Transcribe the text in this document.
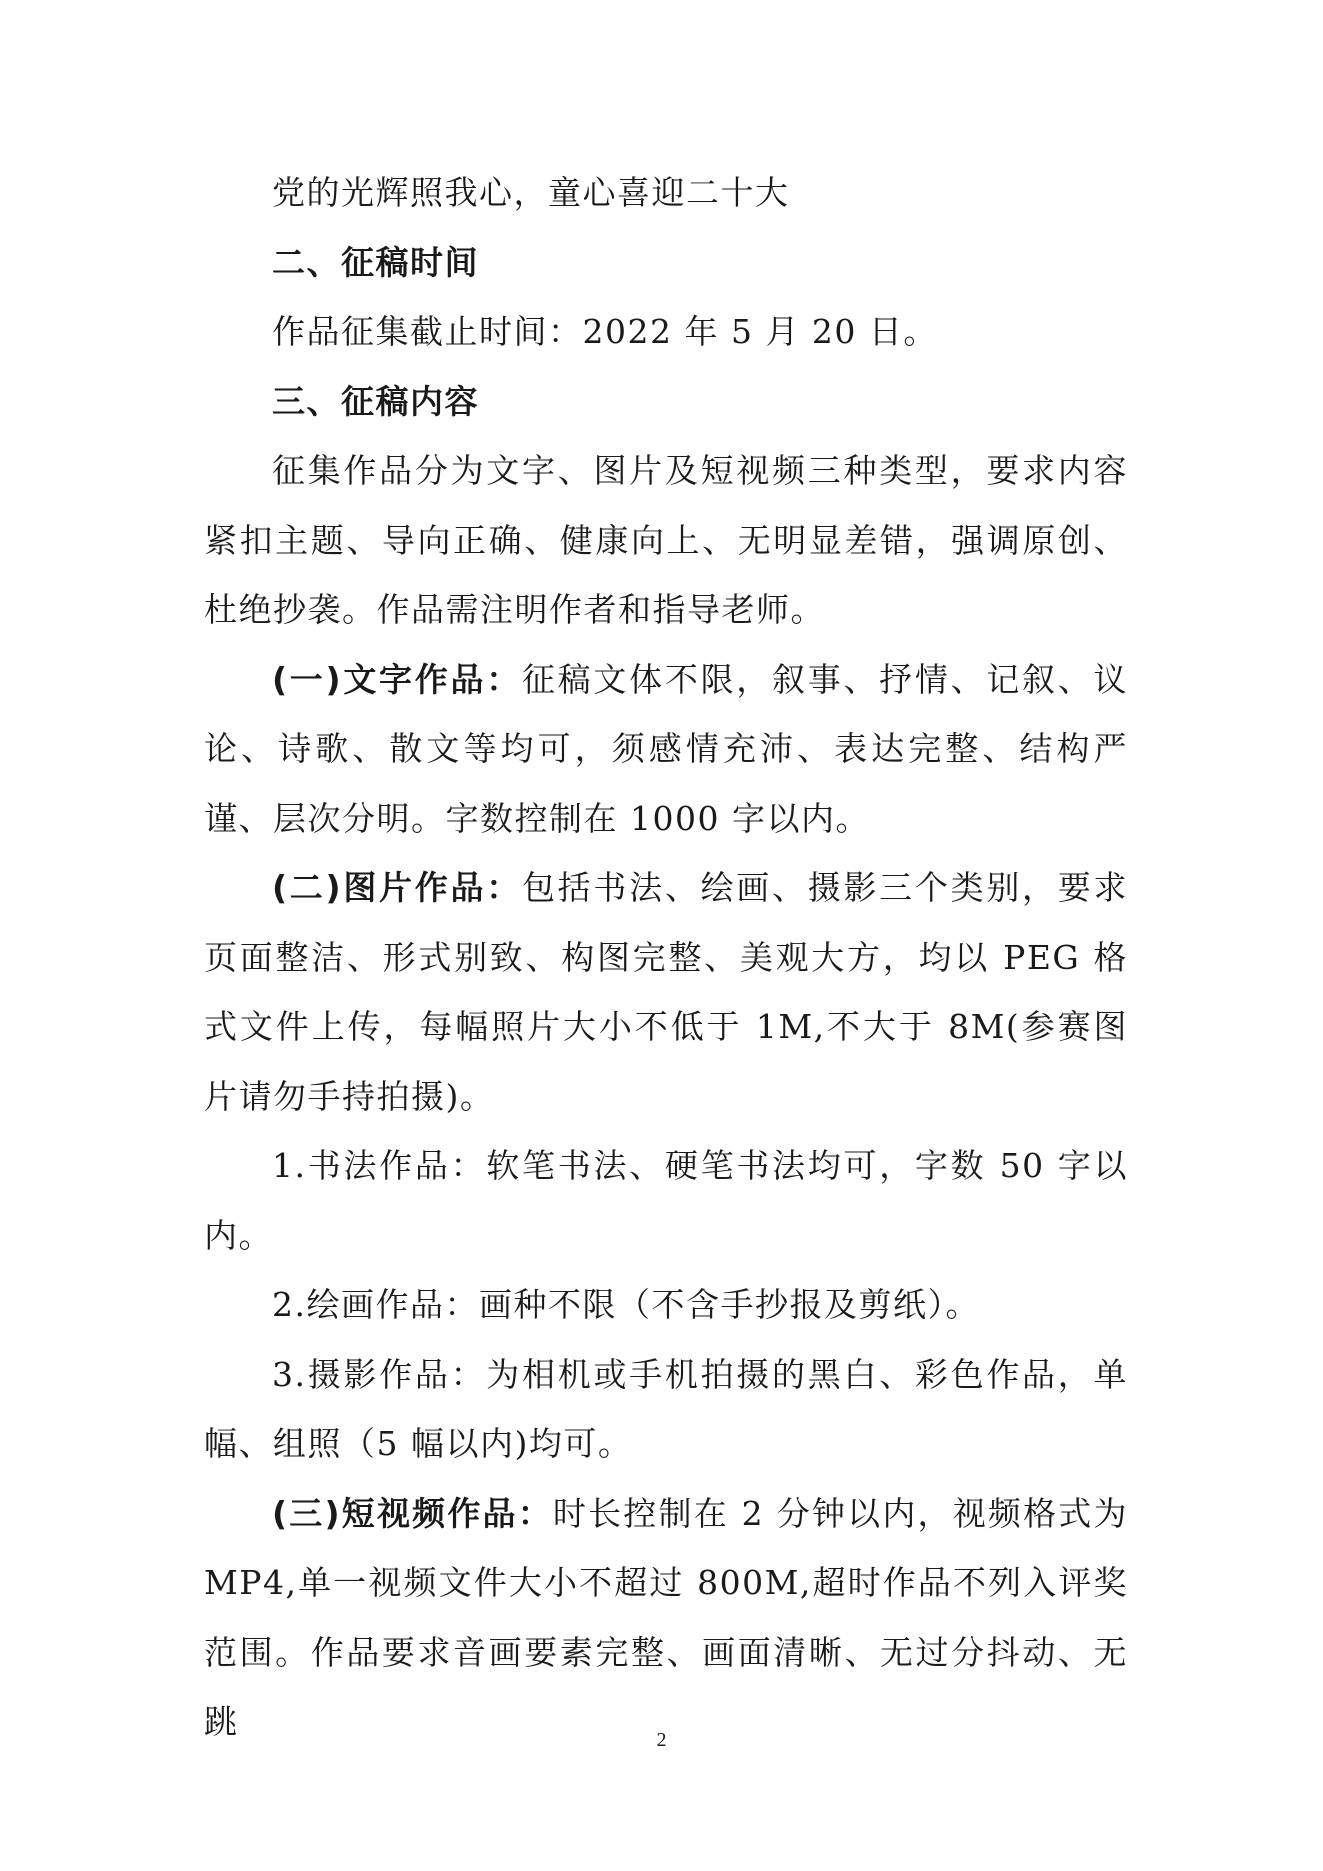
党的光辉照我心，童心喜迎二十大

二、征稿时间

作品征集截止时间：2022 年 5 月 20 日。

三、征稿内容

征集作品分为文字、图片及短视频三种类型，要求内容紧扣主题、导向正确、健康向上、无明显差错，强调原创、杜绝抄袭。作品需注明作者和指导老师。

(一)文字作品：征稿文体不限，叙事、抒情、记叙、议论、诗歌、散文等均可，须感情充沛、表达完整、结构严谨、层次分明。字数控制在 1000 字以内。

(二)图片作品：包括书法、绘画、摄影三个类别，要求页面整洁、形式别致、构图完整、美观大方，均以 PEG 格式文件上传，每幅照片大小不低于 1M,不大于 8M(参赛图片请勿手持拍摄)。

1.书法作品：软笔书法、硬笔书法均可，字数 50 字以内。

2.绘画作品：画种不限（不含手抄报及剪纸）。

3.摄影作品：为相机或手机拍摄的黑白、彩色作品，单幅、组照（5 幅以内)均可。

(三)短视频作品：时长控制在 2 分钟以内，视频格式为 MP4,单一视频文件大小不超过 800M,超时作品不列入评奖范围。作品要求音画要素完整、画面清晰、无过分抖动、无跳	2
